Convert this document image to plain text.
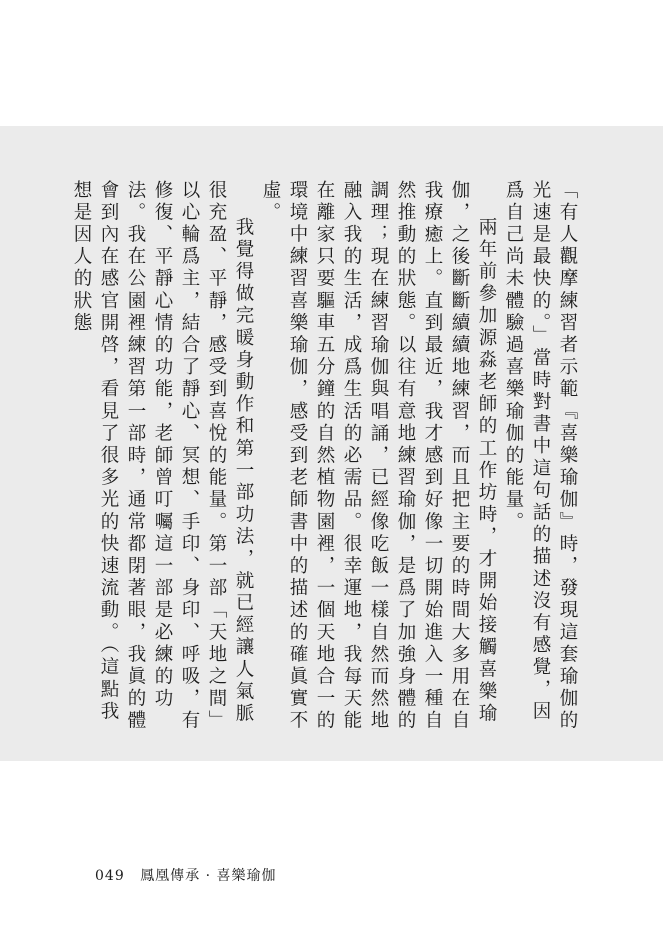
「有人觀摩練習者示範『喜樂瑜伽』時，發現這套瑜伽的光速是最快的。」當時對書中這句話的描述沒有感覺，因爲自己尚未體驗過喜樂瑜伽的能量。

兩年前參加源淼老師的工作坊時，才開始接觸喜樂瑜伽，之後斷斷續續地練習，而且把主要的時間大多用在自我療癒上。直到最近，我才感到好像一切開始進入一種自然推動的狀態。以往有意地練習瑜伽，是爲了加強身體的調理；現在練習瑜伽與唱誦，已經像吃飯一樣自然而然地融入我的生活，成爲生活的必需品。很幸運地，我每天能在離家只要驅車五分鐘的自然植物園裡，一個天地合一的環境中練習喜樂瑜伽，感受到老師書中的描述的確眞實不虛。

我覺得做完暖身動作和第一部功法，就已經讓人氣脈很充盈、平靜，感受到喜悅的能量。第一部「天地之間」以心輪爲主，結合了靜心、冥想、手印、身印、呼吸，有修復、平靜心情的功能，老師曾叮囑這一部是必練的功法。我在公園裡練習第一部時，通常都閉著眼，我眞的體會到內在感官開啓，看見了很多光的快速流動。（這點我想是因人的狀態

049 鳳凰傳承 · 喜樂瑜伽
